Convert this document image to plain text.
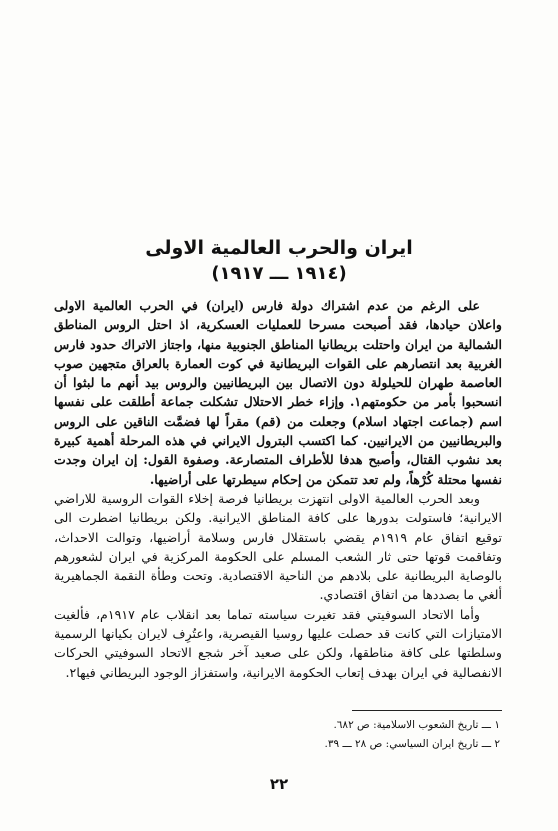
ايران والحرب العالمية الاولى
(١٩١٤ ـــ ١٩١٧)

على الرغم من عدم اشتراك دولة فارس (ايران) في الحرب العالمية الاولى واعلان حيادها، فقد أصبحت مسرحا للعمليات العسكرية، اذ احتل الروس المناطق الشمالية من ايران واحتلت بريطانيا المناطق الجنوبية منها، واجتاز الاتراك حدود فارس الغربية بعد انتصارهم على القوات البريطانية في كوت العمارة بالعراق متجهين صوب العاصمة طهران للحيلولة دون الاتصال بين البريطانيين والروس بيد أنهم ما لبثوا أن انسحبوا بأمر من حكومتهم١. وإزاء خطر الاحتلال تشكلت جماعة أطلقت على نفسها اسم (جماعت اجتهاد اسلام) وجعلت من (قم) مقراً لها فضمَّت الناقين على الروس والبريطانيين من الايرانيين. كما اكتسب البترول الايراني في هذه المرحلة أهمية كبيرة بعد نشوب القتال، وأصبح هدفا للأطراف المتصارعة. وصفوة القول: إن ايران وجدت نفسها محتلة كُرْهاً، ولم تعد تتمكن من إحكام سيطرتها على أراضيها.

وبعد الحرب العالمية الاولى انتهزت بريطانيا فرصة إخلاء القوات الروسية للاراضي الايرانية؛ فاستولت بدورها على كافة المناطق الايرانية. ولكن بريطانيا اضطرت الى توقيع اتفاق عام ١٩١٩م يقضي باستقلال فارس وسلامة أراضيها، وتوالت الاحداث، وتفاقمت قوتها حتى ثار الشعب المسلم على الحكومة المركزية في ايران لشعورهم بالوصاية البريطانية على بلادهم من الناحية الاقتصادية. وتحت وطأة النقمة الجماهيرية ألغي ما بصددها من اتفاق اقتصادي.

وأما الاتحاد السوفيتي فقد تغيرت سياسته تماما بعد انقلاب عام ١٩١٧م، فألغيت الامتيازات التي كانت قد حصلت عليها روسيا القيصرية، واعتُرِف لايران بكيانها الرسمية وسلطتها على كافة مناطقها، ولكن على صعيد آخر شجع الاتحاد السوفيتي الحركات الانفصالية في ايران بهدف إتعاب الحكومة الايرانية، واستفزاز الوجود البريطاني فيها٢.

١ ـــ تاريخ الشعوب الاسلامية: ص ٦٨٢.
٢ ـــ تاريخ ايران السياسي: ص ٢٨ ـــ ٣٩.
٢٢
